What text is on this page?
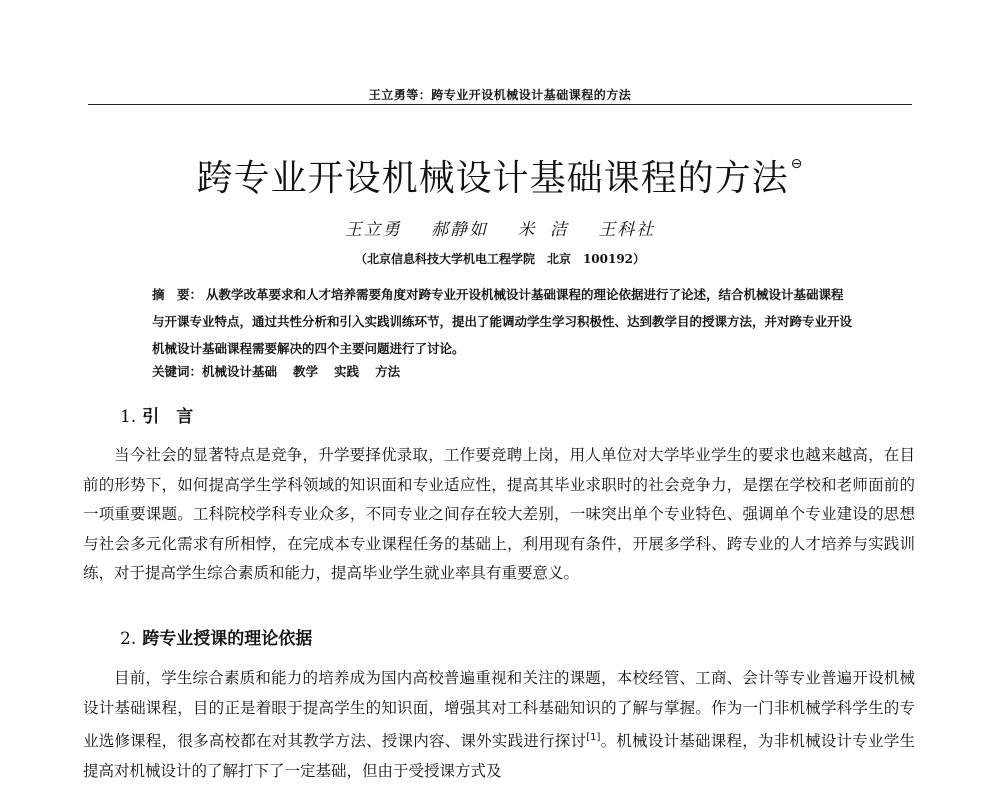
王立勇等：跨专业开设机械设计基础课程的方法
跨专业开设机械设计基础课程的方法 ⊖
王立勇 郝静如 米 洁 王科社
（北京信息科技大学机电工程学院　北京　100192）
摘　要： 从教学改革要求和人才培养需要角度对跨专业开设机械设计基础课程的理论依据进行了论述，结合机械设计基础课程与开课专业特点，通过共性分析和引入实践训练环节，提出了能调动学生学习积极性、达到教学目的授课方法，并对跨专业开设机械设计基础课程需要解决的四个主要问题进行了讨论。
关键词：机械设计基础 教学 实践 方法
1. 引　言
当今社会的显著特点是竞争，升学要择优录取，工作要竞聘上岗，用人单位对大学毕业学生的要求也越来越高，在目前的形势下，如何提高学生学科领域的知识面和专业适应性，提高其毕业求职时的社会竞争力，是摆在学校和老师面前的一项重要课题。工科院校学科专业众多，不同专业之间存在较大差别，一味突出单个专业特色、强调单个专业建设的思想与社会多元化需求有所相悖，在完成本专业课程任务的基础上，利用现有条件，开展多学科、跨专业的人才培养与实践训练，对于提高学生综合素质和能力，提高毕业学生就业率具有重要意义。
2. 跨专业授课的理论依据
目前，学生综合素质和能力的培养成为国内高校普遍重视和关注的课题，本校经管、工商、会计等专业普遍开设机械设计基础课程，目的正是着眼于提高学生的知识面，增强其对工科基础知识的了解与掌握。作为一门非机械学科学生的专业选修课程，很多高校都在对其教学方法、授课内容、课外实践进行探讨[1]。机械设计基础课程，为非机械设计专业学生提高对机械设计的了解打下了一定基础，但由于受授课方式及
